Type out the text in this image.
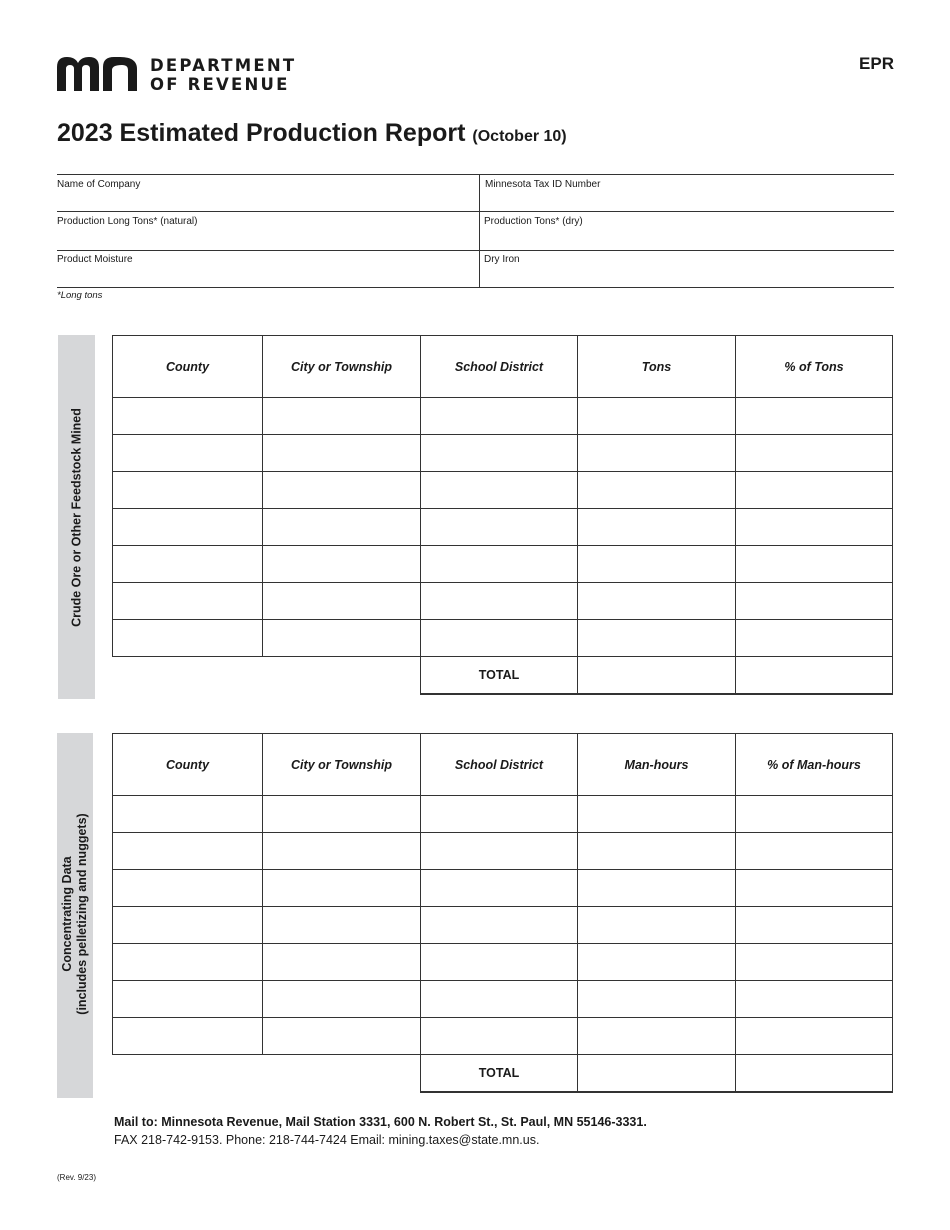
DEPARTMENT
OF REVENUE
EPR
2023 Estimated Production Report (October 10)
Name of Company	Minnesota Tax ID Number
Production Long Tons* (natural)	Production Tons* (dry)
Product Moisture	Dry Iron
*Long tons
Crude Ore or Other Feedstock Mined
County	City or Township	School District	Tons	% of Tons

		TOTAL		
Concentrating Data (includes pelletizing and nuggets)
County	City or Township	School District	Man-hours	% of Man-hours

		TOTAL		
Mail to: Minnesota Revenue, Mail Station 3331, 600 N. Robert St., St. Paul, MN 55146-3331.
FAX 218-742-9153. Phone: 218-744-7424 Email: mining.taxes@state.mn.us.
(Rev. 9/23)
